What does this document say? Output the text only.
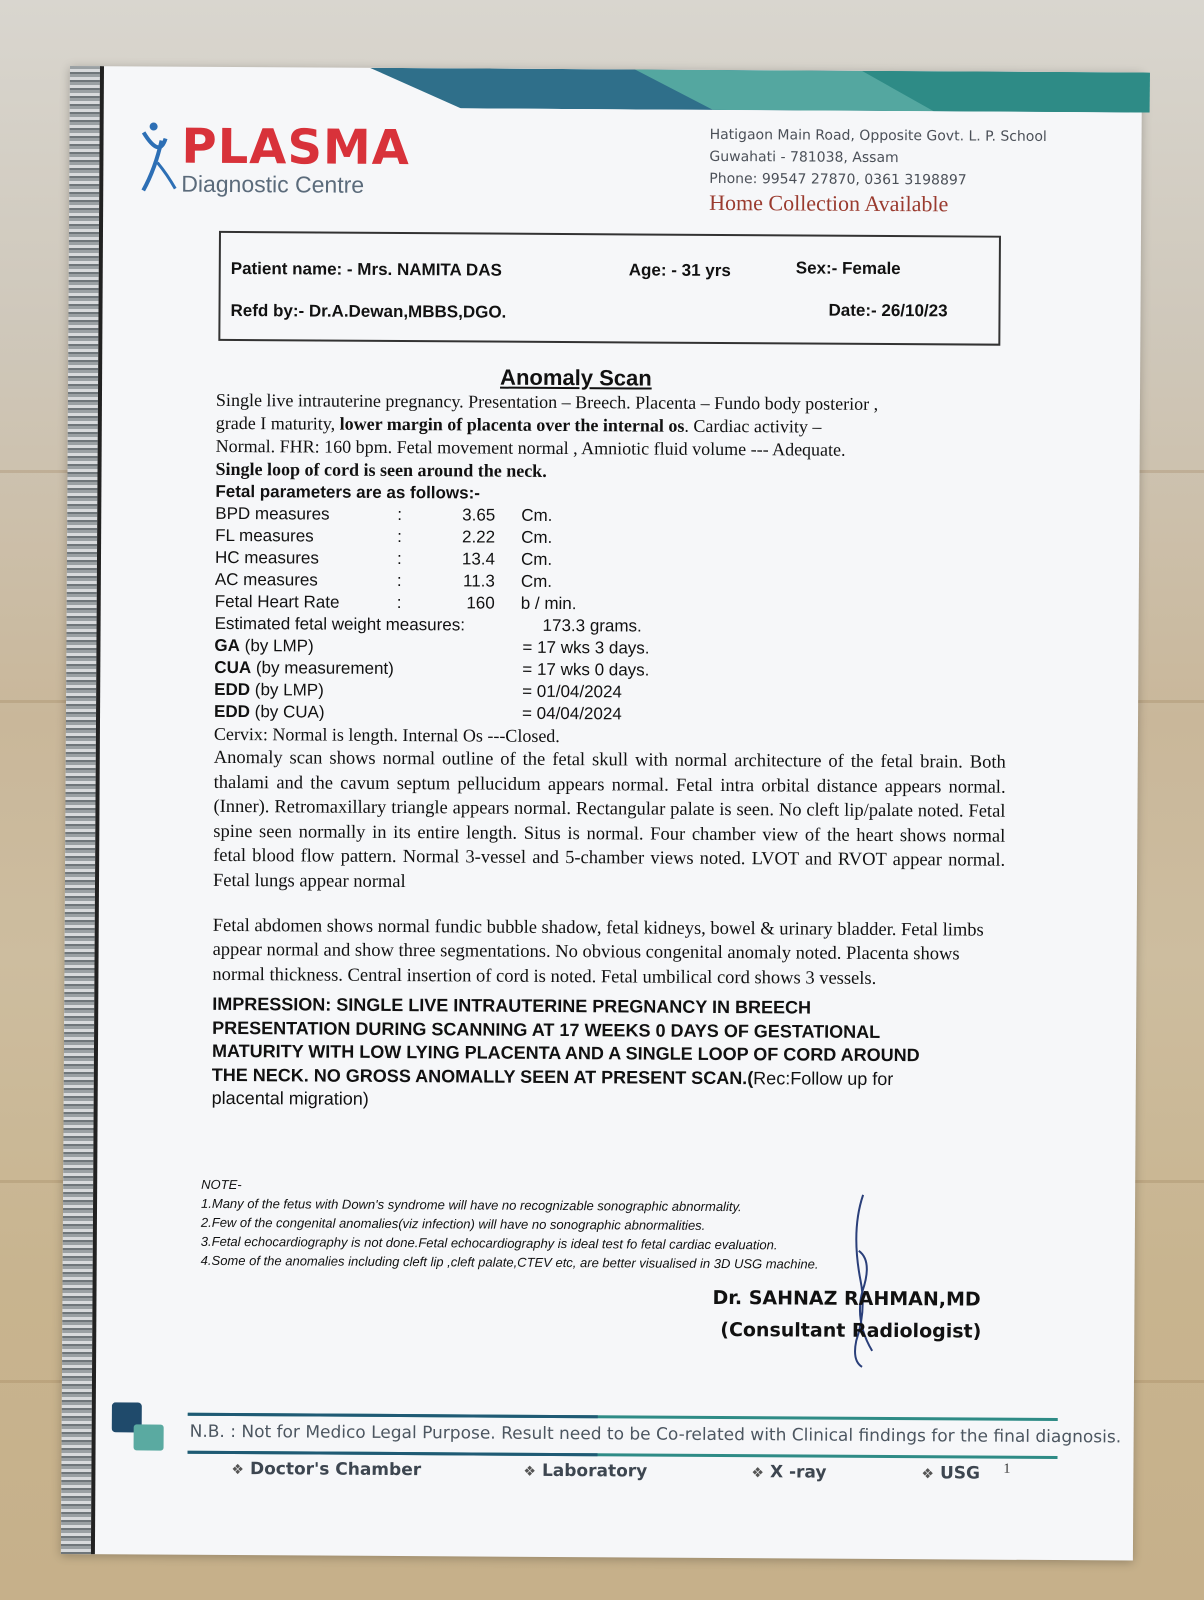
PLASMA
Diagnostic Centre
Hatigaon Main Road, Opposite Govt. L. P. School
Guwahati - 781038, Assam
Phone: 99547 27870, 0361 3198897
Home Collection Available
Patient name: - Mrs. NAMITA DAS	Age: - 31 yrs	Sex:- Female
Refd by:- Dr.A.Dewan,MBBS,DGO.	Date:- 26/10/23
Anomaly Scan
Single live intrauterine pregnancy. Presentation – Breech. Placenta – Fundo body posterior ,
grade I maturity, lower margin of placenta over the internal os. Cardiac activity –
Normal. FHR: 160 bpm. Fetal movement normal , Amniotic fluid volume --- Adequate.
Single loop of cord is seen around the neck.
Fetal parameters are as follows:-
BPD measures	:	3.65 Cm.
FL measures	:	2.22 Cm.
HC measures	:	13.4 Cm.
AC measures	:	11.3 Cm.
Fetal Heart Rate	:	160 b / min.
Estimated fetal weight measures:	173.3 grams.
GA (by LMP)	= 17 wks 3 days.
CUA (by measurement)	= 17 wks 0 days.
EDD (by LMP)	= 01/04/2024
EDD (by CUA)	= 04/04/2024
Cervix: Normal is length. Internal Os ---Closed.
Anomaly scan shows normal outline of the fetal skull with normal architecture of the fetal brain. Both thalami and the cavum septum pellucidum appears normal. Fetal intra orbital distance appears normal. (Inner). Retromaxillary triangle appears normal. Rectangular palate is seen. No cleft lip/palate noted. Fetal spine seen normally in its entire length. Situs is normal. Four chamber view of the heart shows normal fetal blood flow pattern. Normal 3-vessel and 5-chamber views noted. LVOT and RVOT appear normal. Fetal lungs appear normal
Fetal abdomen shows normal fundic bubble shadow, fetal kidneys, bowel & urinary bladder. Fetal limbs appear normal and show three segmentations. No obvious congenital anomaly noted. Placenta shows normal thickness. Central insertion of cord is noted. Fetal umbilical cord shows 3 vessels.
IMPRESSION: SINGLE LIVE INTRAUTERINE PREGNANCY IN BREECH
PRESENTATION DURING SCANNING AT 17 WEEKS 0 DAYS OF GESTATIONAL
MATURITY WITH LOW LYING PLACENTA AND A SINGLE LOOP OF CORD AROUND
THE NECK. NO GROSS ANOMALLY SEEN AT PRESENT SCAN.(Rec:Follow up for
placental migration)
NOTE-
1.Many of the fetus with Down's syndrome will have no recognizable sonographic abnormality.
2.Few of the congenital anomalies(viz infection) will have no sonographic abnormalities.
3.Fetal echocardiography is not done.Fetal echocardiography is ideal test fo fetal cardiac evaluation.
4.Some of the anomalies including cleft lip ,cleft palate,CTEV etc, are better visualised in 3D USG machine.
Dr. SAHNAZ RAHMAN,MD
(Consultant Radiologist)
N.B. : Not for Medico Legal Purpose. Result need to be Co-related with Clinical findings for the final diagnosis.
❖ Doctor's Chamber	❖ Laboratory	❖ X -ray	❖ USG 1
